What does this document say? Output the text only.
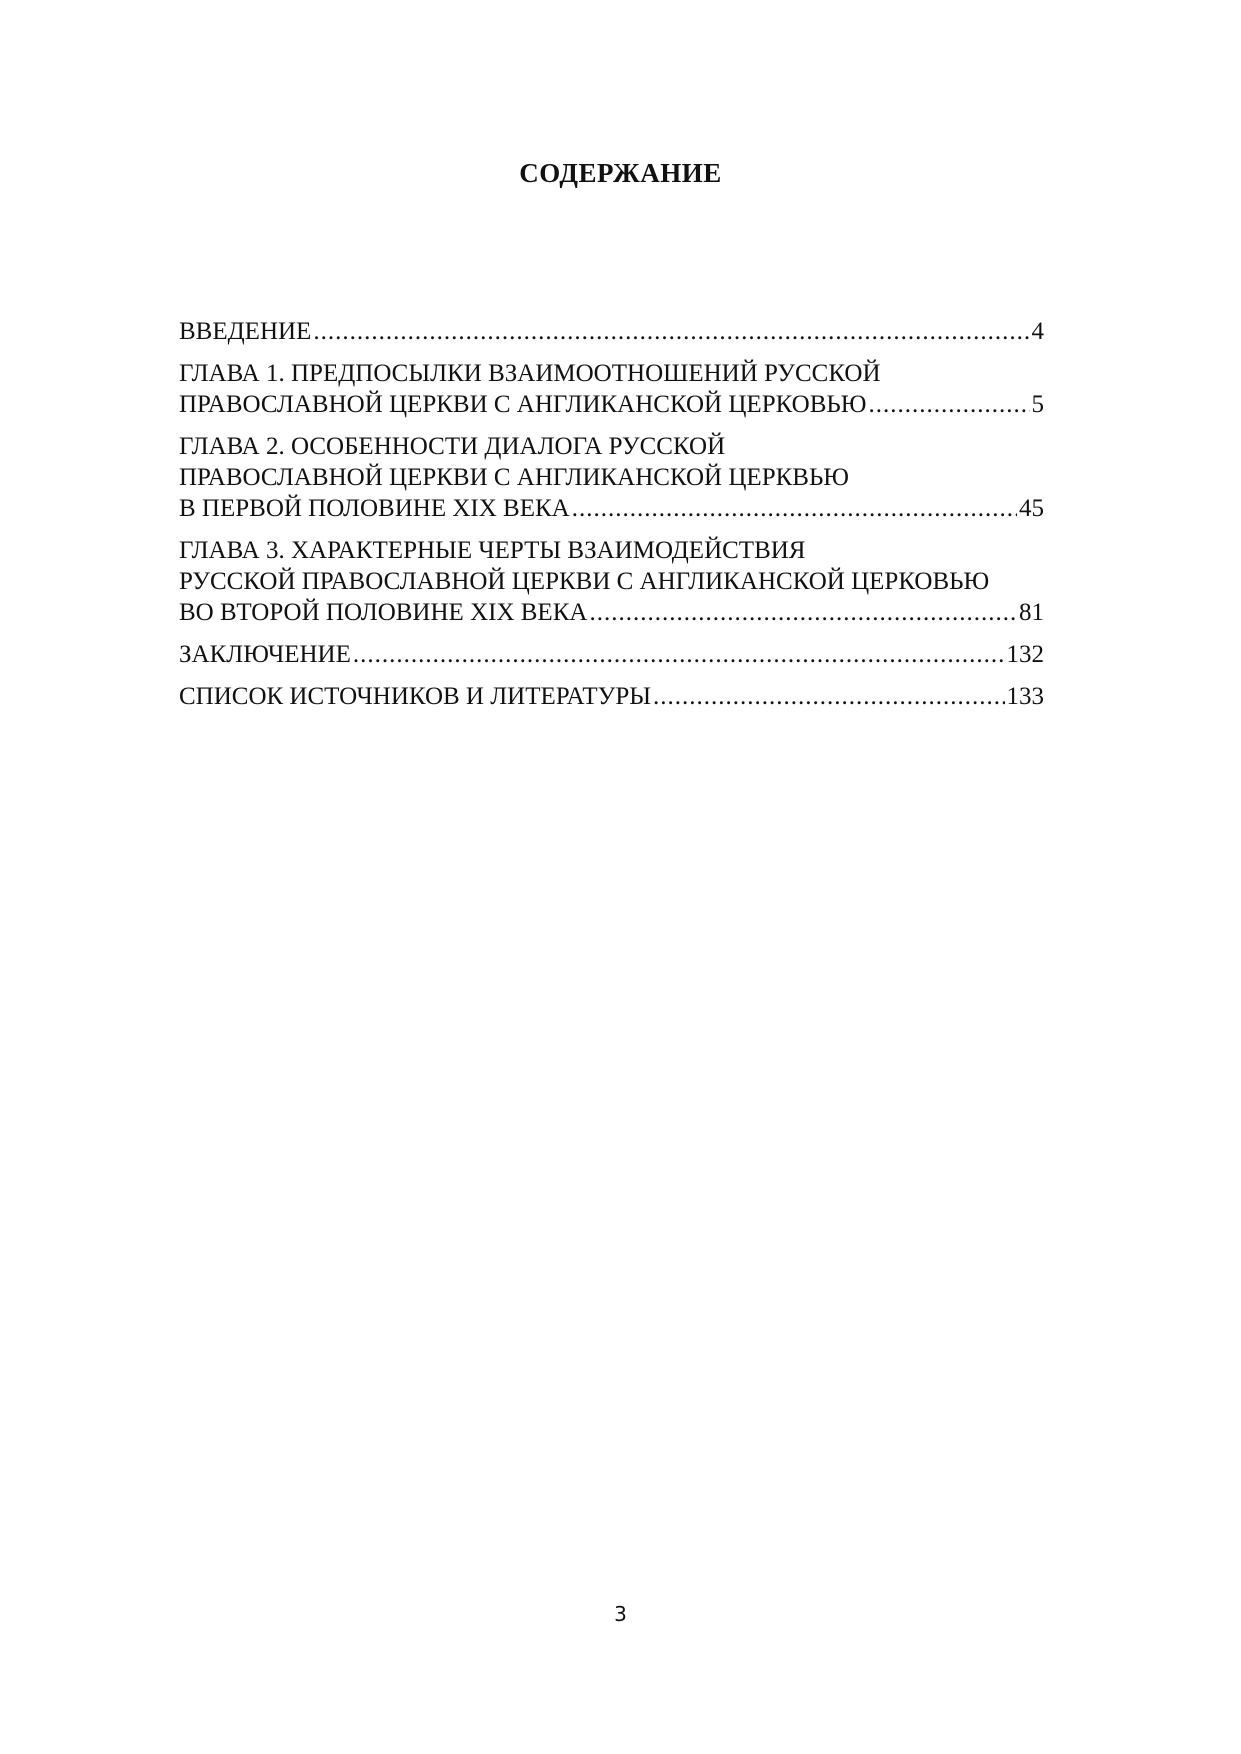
СОДЕРЖАНИЕ
ВВЕДЕНИЕ .....	4
ГЛАВА 1. ПРЕДПОСЫЛКИ ВЗАИМООТНОШЕНИЙ РУССКОЙ
ПРАВОСЛАВНОЙ ЦЕРКВИ С АНГЛИКАНСКОЙ ЦЕРКОВЬЮ .....	5
ГЛАВА 2. ОСОБЕННОСТИ ДИАЛОГА РУССКОЙ
ПРАВОСЛАВНОЙ ЦЕРКВИ С АНГЛИКАНСКОЙ ЦЕРКВЬЮ
В ПЕРВОЙ ПОЛОВИНЕ XIX ВЕКА .....	45
ГЛАВА 3. ХАРАКТЕРНЫЕ ЧЕРТЫ ВЗАИМОДЕЙСТВИЯ
РУССКОЙ ПРАВОСЛАВНОЙ ЦЕРКВИ С АНГЛИКАНСКОЙ ЦЕРКОВЬЮ
ВО ВТОРОЙ ПОЛОВИНЕ XIX ВЕКА .....	81
ЗАКЛЮЧЕНИЕ .....	132
СПИСОК ИСТОЧНИКОВ И ЛИТЕРАТУРЫ .....	133
3
